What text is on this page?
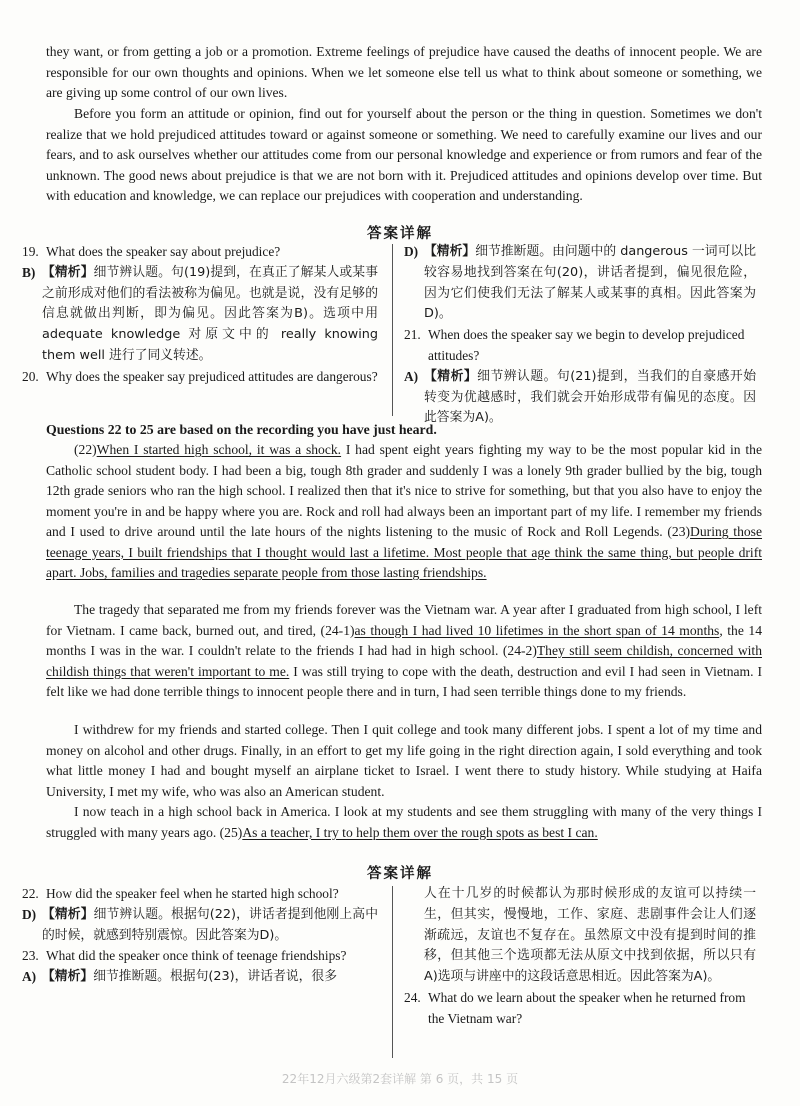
they want, or from getting a job or a promotion. Extreme feelings of prejudice have caused the deaths of innocent people. We are responsible for our own thoughts and opinions. When we let someone else tell us what to think about someone or something, we are giving up some control of our own lives.

Before you form an attitude or opinion, find out for yourself about the person or the thing in question. Sometimes we don't realize that we hold prejudiced attitudes toward or against someone or something. We need to carefully examine our lives and our fears, and to ask ourselves whether our attitudes come from our personal knowledge and experience or from rumors and fear of the unknown. The good news about prejudice is that we are not born with it. Prejudiced attitudes and opinions develop over time. But with education and knowledge, we can replace our prejudices with cooperation and understanding.

答案详解
19. What does the speaker say about prejudice?
B) 【精析】细节辨认题。句(19)提到，在真正了解某人或某事之前形成对他们的看法被称为偏见。也就是说，没有足够的信息就做出判断，即为偏见。因此答案为B)。选项中用 adequate knowledge 对原文中的 really knowing them well 进行了同义转述。
20. Why does the speaker say prejudiced attitudes are dangerous?
D) 【精析】细节推断题。由问题中的 dangerous 一词可以比较容易地找到答案在句(20)，讲话者提到，偏见很危险，因为它们使我们无法了解某人或某事的真相。因此答案为D)。
21. When does the speaker say we begin to develop prejudiced attitudes?
A) 【精析】细节辨认题。句(21)提到，当我们的自豪感开始转变为优越感时，我们就会开始形成带有偏见的态度。因此答案为A)。
Questions 22 to 25 are based on the recording you have just heard.

(22)When I started high school, it was a shock. I had spent eight years fighting my way to be the most popular kid in the Catholic school student body. I had been a big, tough 8th grader and suddenly I was a lonely 9th grader bullied by the big, tough 12th grade seniors who ran the high school. I realized then that it's nice to strive for something, but that you also have to enjoy the moment you're in and be happy where you are. Rock and roll had always been an important part of my life. I remember my friends and I used to drive around until the late hours of the nights listening to the music of Rock and Roll Legends. (23)During those teenage years, I built friendships that I thought would last a lifetime. Most people that age think the same thing, but people drift apart. Jobs, families and tragedies separate people from those lasting friendships.

The tragedy that separated me from my friends forever was the Vietnam war. A year after I graduated from high school, I left for Vietnam. I came back, burned out, and tired, (24-1)as though I had lived 10 lifetimes in the short span of 14 months, the 14 months I was in the war. I couldn't relate to the friends I had had in high school. (24-2)They still seem childish, concerned with childish things that weren't important to me. I was still trying to cope with the death, destruction and evil I had seen in Vietnam. I felt like we had done terrible things to innocent people there and in turn, I had seen terrible things done to my friends.

I withdrew for my friends and started college. Then I quit college and took many different jobs. I spent a lot of my time and money on alcohol and other drugs. Finally, in an effort to get my life going in the right direction again, I sold everything and took what little money I had and bought myself an airplane ticket to Israel. I went there to study history. While studying at Haifa University, I met my wife, who was also an American student.

I now teach in a high school back in America. I look at my students and see them struggling with many of the very things I struggled with many years ago. (25)As a teacher, I try to help them over the rough spots as best I can.

答案详解
22. How did the speaker feel when he started high school?
D) 【精析】细节辨认题。根据句(22)，讲话者提到他刚上高中的时候，就感到特别震惊。因此答案为D)。
23. What did the speaker once think of teenage friendships?
A) 【精析】细节推断题。根据句(23)，讲话者说，很多
人在十几岁的时候都认为那时候形成的友谊可以持续一生，但其实，慢慢地，工作、家庭、悲剧事件会让人们逐渐疏远，友谊也不复存在。虽然原文中没有提到时间的推移，但其他三个选项都无法从原文中找到依据，所以只有A)选项与讲座中的这段话意思相近。因此答案为A)。
24. What do we learn about the speaker when he returned from the Vietnam war?
22年12月六级第2套详解 第 6 页，共 15 页
